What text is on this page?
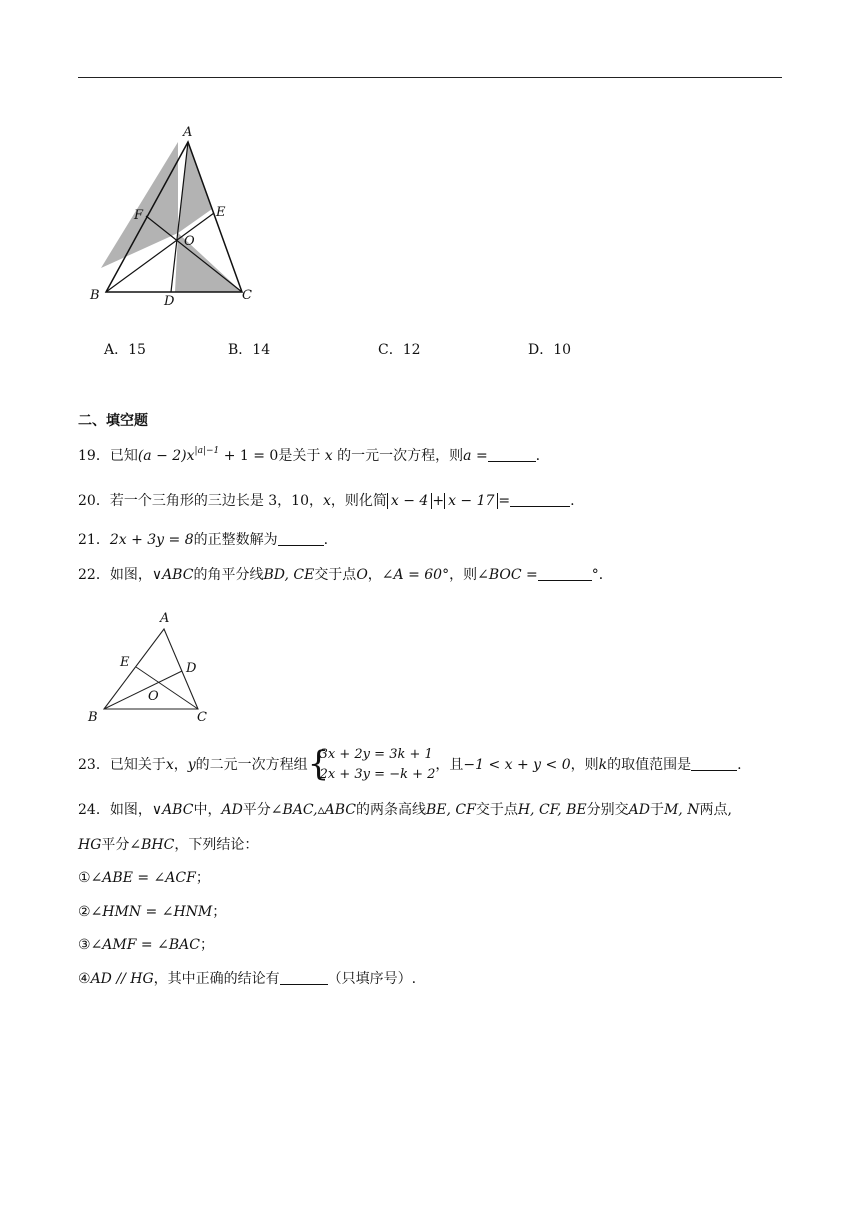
A
B	C
D
E
F
O
A．15	B．14	C．12	D．10
二、填空题
19．已知$(a - 2)x^{|a|-1} + 1 = 0$是关于 x 的一元一次方程，则a =	.
20．若一个三角形的三边长是 3，10，x，则化简 x − 4 + x − 17 =	.
21．2x + 3y = 8的正整数解为	.
22．如图，∨ABC的角平分线BD, CE交于点O，∠A = 60°，则∠BOC =	°．
A
B	C
D
E
O
23．已知关于x，y的二元一次方程组 {
3x + 2y = 3k + 1
2x + 3y = −k + 2
，且−1 < x + y < 0，则k的取值范围是	.
24．如图，∨ABC中，AD平分∠BAC,▵ABC的两条高线BE, CF交于点H, CF, BE分别交AD于M, N两点,
HG平分∠BHC，下列结论：
①∠ABE = ∠ACF；
②∠HMN = ∠HNM；
③∠AMF = ∠BAC；
④AD // HG，其中正确的结论有	（只填序号）.
